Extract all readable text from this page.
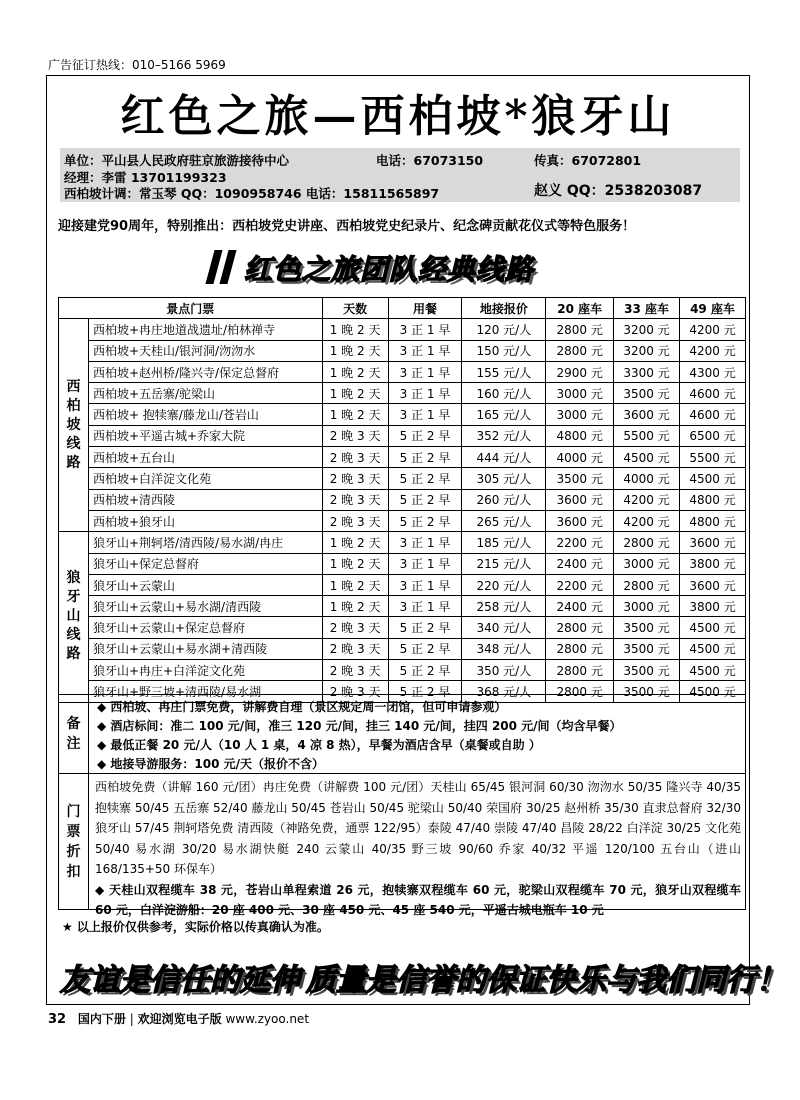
广告征订热线：010–5166 5969
红色之旅—西柏坡*狼牙山
单位：平山县人民政府驻京旅游接待中心	电话：67073150	传真：67072801
经理：李雷 13701199323
西柏坡计调：常玉琴 QQ：1090958746 电话：15811565897	赵义 QQ：2538203087
迎接建党90周年，特别推出：西柏坡党史讲座、西柏坡党史纪录片、纪念碑贡献花仪式等特色服务！
红色之旅团队经典线路
景点门票		天数	用餐	地接报价	20 座车	33 座车	49 座车
西柏坡线路	西柏坡+冉庄地道战遗址/柏林禅寺	1 晚 2 天	3 正 1 早	120 元/人	2800 元	3200 元	4200 元
	西柏坡+天桂山/银河洞/沕沕水	1 晚 2 天	3 正 1 早	150 元/人	2800 元	3200 元	4200 元
	西柏坡+赵州桥/隆兴寺/保定总督府	1 晚 2 天	3 正 1 早	155 元/人	2900 元	3300 元	4300 元
	西柏坡+五岳寨/驼梁山	1 晚 2 天	3 正 1 早	160 元/人	3000 元	3500 元	4600 元
	西柏坡+ 抱犊寨/藤龙山/苍岩山	1 晚 2 天	3 正 1 早	165 元/人	3000 元	3600 元	4600 元
	西柏坡+平遥古城+乔家大院	2 晚 3 天	5 正 2 早	352 元/人	4800 元	5500 元	6500 元
	西柏坡+五台山	2 晚 3 天	5 正 2 早	444 元/人	4000 元	4500 元	5500 元
	西柏坡+白洋淀文化苑	2 晚 3 天	5 正 2 早	305 元/人	3500 元	4000 元	4500 元
	西柏坡+清西陵	2 晚 3 天	5 正 2 早	260 元/人	3600 元	4200 元	4800 元
	西柏坡+狼牙山	2 晚 3 天	5 正 2 早	265 元/人	3600 元	4200 元	4800 元
狼牙山线路	狼牙山+荆轲塔/清西陵/易水湖/冉庄	1 晚 2 天	3 正 1 早	185 元/人	2200 元	2800 元	3600 元
	狼牙山+保定总督府	1 晚 2 天	3 正 1 早	215 元/人	2400 元	3000 元	3800 元
	狼牙山+云蒙山	1 晚 2 天	3 正 1 早	220 元/人	2200 元	2800 元	3600 元
	狼牙山+云蒙山+易水湖/清西陵	1 晚 2 天	3 正 1 早	258 元/人	2400 元	3000 元	3800 元
	狼牙山+云蒙山+保定总督府	2 晚 3 天	5 正 2 早	340 元/人	2800 元	3500 元	4500 元
	狼牙山+云蒙山+易水湖+清西陵	2 晚 3 天	5 正 2 早	348 元/人	2800 元	3500 元	4500 元
	狼牙山+冉庄+白洋淀文化苑	2 晚 3 天	5 正 2 早	350 元/人	2800 元	3500 元	4500 元
	狼牙山+野三坡+清西陵/易水湖	2 晚 3 天	5 正 2 早	368 元/人	2800 元	3500 元	4500 元
备注
◆ 西柏坡、冉庄门票免费，讲解费自理（景区规定周一闭馆，但可申请参观）
◆ 酒店标间：准二 100 元/间，准三 120 元/间，挂三 140 元/间，挂四 200 元/间（均含早餐）
◆ 最低正餐 20 元/人（10 人 1 桌，4 凉 8 热），早餐为酒店含早（桌餐或自助 ）
◆ 地接导游服务：100 元/天（报价不含）
门票折扣
西柏坡免费（讲解 160 元/团）冉庄免费（讲解费 100 元/团）天桂山 65/45 银河洞 60/30 沕沕水 50/35 隆兴寺 40/35 抱犊寨 50/45 五岳寨 52/40 藤龙山 50/45 苍岩山 50/45 驼梁山 50/40 荣国府 30/25 赵州桥 35/30 直隶总督府 32/30 狼牙山 57/45 荆轲塔免费 清西陵（神路免费，通票 122/95）泰陵 47/40 崇陵 47/40 昌陵 28/22 白洋淀 30/25 文化苑 50/40 易水湖 30/20 易水湖快艇 240 云蒙山 40/35 野三坡 90/60 乔家 40/32 平遥 120/100 五台山（进山 168/135+50 环保车）
◆ 天桂山双程缆车 38 元，苍岩山单程索道 26 元，抱犊寨双程缆车 60 元，驼梁山双程缆车 70 元，狼牙山双程缆车 60 元，白洋淀游船：20 座 400 元、30 座 450 元、45 座 540 元，平遥古城电瓶车 10 元
★ 以上报价仅供参考，实际价格以传真确认为准。
友谊是信任的延伸 质量是信誉的保证 快乐与我们同行！
32 国内下册 | 欢迎浏览电子版 www.zyoo.net
